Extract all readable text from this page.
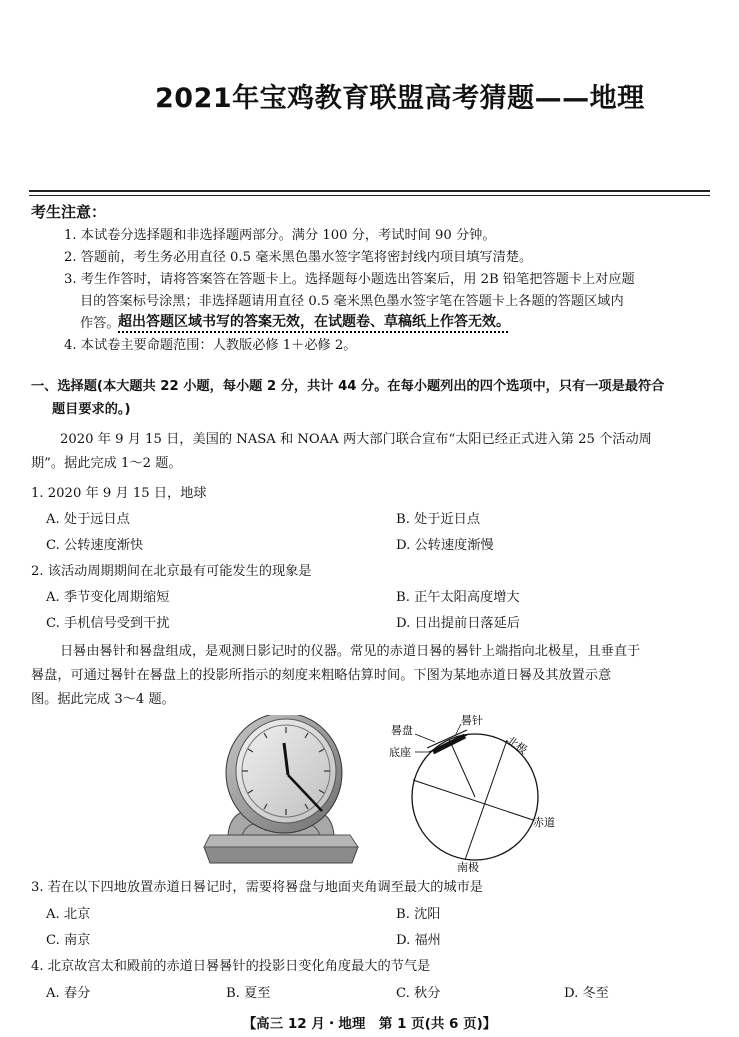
2021年宝鸡教育联盟高考猜题——地理
考生注意：
1. 本试卷分选择题和非选择题两部分。满分 100 分，考试时间 90 分钟。
2. 答题前，考生务必用直径 0.5 毫米黑色墨水签字笔将密封线内项目填写清楚。
3. 考生作答时，请将答案答在答题卡上。选择题每小题选出答案后，用 2B 铅笔把答题卡上对应题
目的答案标号涂黑；非选择题请用直径 0.5 毫米黑色墨水签字笔在答题卡上各题的答题区域内
作答。
超出答题区域书写的答案无效，在试题卷、草稿纸上作答无效。
4. 本试卷主要命题范围：人教版必修 1＋必修 2。
一、选择题(本大题共 22 小题，每小题 2 分，共计 44 分。在每小题列出的四个选项中，只有一项是最符合
题目要求的。)
2020 年 9 月 15 日，美国的 NASA 和 NOAA 两大部门联合宣布“太阳已经正式进入第 25 个活动周
期”。据此完成 1～2 题。
1. 2020 年 9 月 15 日，地球
A. 处于远日点	B. 处于近日点
C. 公转速度渐快	D. 公转速度渐慢
2. 该活动周期期间在北京最有可能发生的现象是
A. 季节变化周期缩短	B. 正午太阳高度增大
C. 手机信号受到干扰	D. 日出提前日落延后
日晷由晷针和晷盘组成，是观测日影记时的仪器。常见的赤道日晷的晷针上端指向北极星，且垂直于
晷盘，可通过晷针在晷盘上的投影所指示的刻度来粗略估算时间。下图为某地赤道日晷及其放置示意
图。据此完成 3～4 题。
晷盘
晷针
底座	北极
赤道
南极
3. 若在以下四地放置赤道日晷记时，需要将晷盘与地面夹角调至最大的城市是
A. 北京	B. 沈阳
C. 南京	D. 福州
4. 北京故宫太和殿前的赤道日晷晷针的投影日变化角度最大的节气是
A. 春分	B. 夏至	C. 秋分	D. 冬至
【高三 12 月・地理　第 1 页(共 6 页)】
